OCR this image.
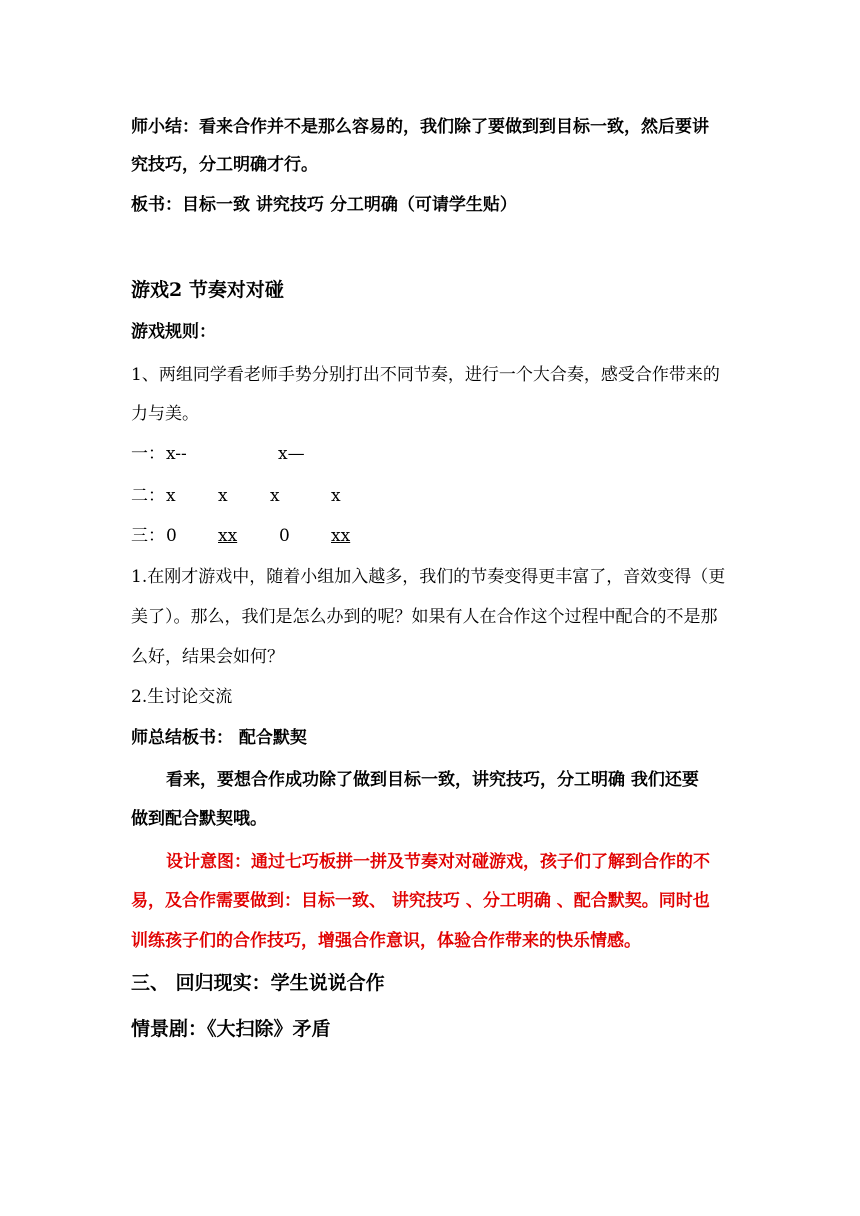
师小结：看来合作并不是那么容易的，我们除了要做到到目标一致，然后要讲
究技巧，分工明确才行。
板书：目标一致 讲究技巧 分工明确（可请学生贴）
游戏2 节奏对对碰
游戏规则：
1、两组同学看老师手势分别打出不同节奏，进行一个大合奏，感受合作带来的
力与美。
一： x--	x—
二： x x x	x
三： 0 xx 0 xx
1.在刚才游戏中，随着小组加入越多，我们的节奏变得更丰富了，音效变得（更
美了）。那么，我们是怎么办到的呢？如果有人在合作这个过程中配合的不是那
么好，结果会如何？
2.生讨论交流
师总结板书： 配合默契
看来，要想合作成功除了做到目标一致，讲究技巧，分工明确 我们还要
做到配合默契哦。
设计意图：通过七巧板拼一拼及节奏对对碰游戏，孩子们了解到合作的不
易，及合作需要做到：目标一致、 讲究技巧 、分工明确 、配合默契。同时也
训练孩子们的合作技巧，增强合作意识，体验合作带来的快乐情感。
三、 回归现实：学生说说合作
情景剧：《大扫除》矛盾
